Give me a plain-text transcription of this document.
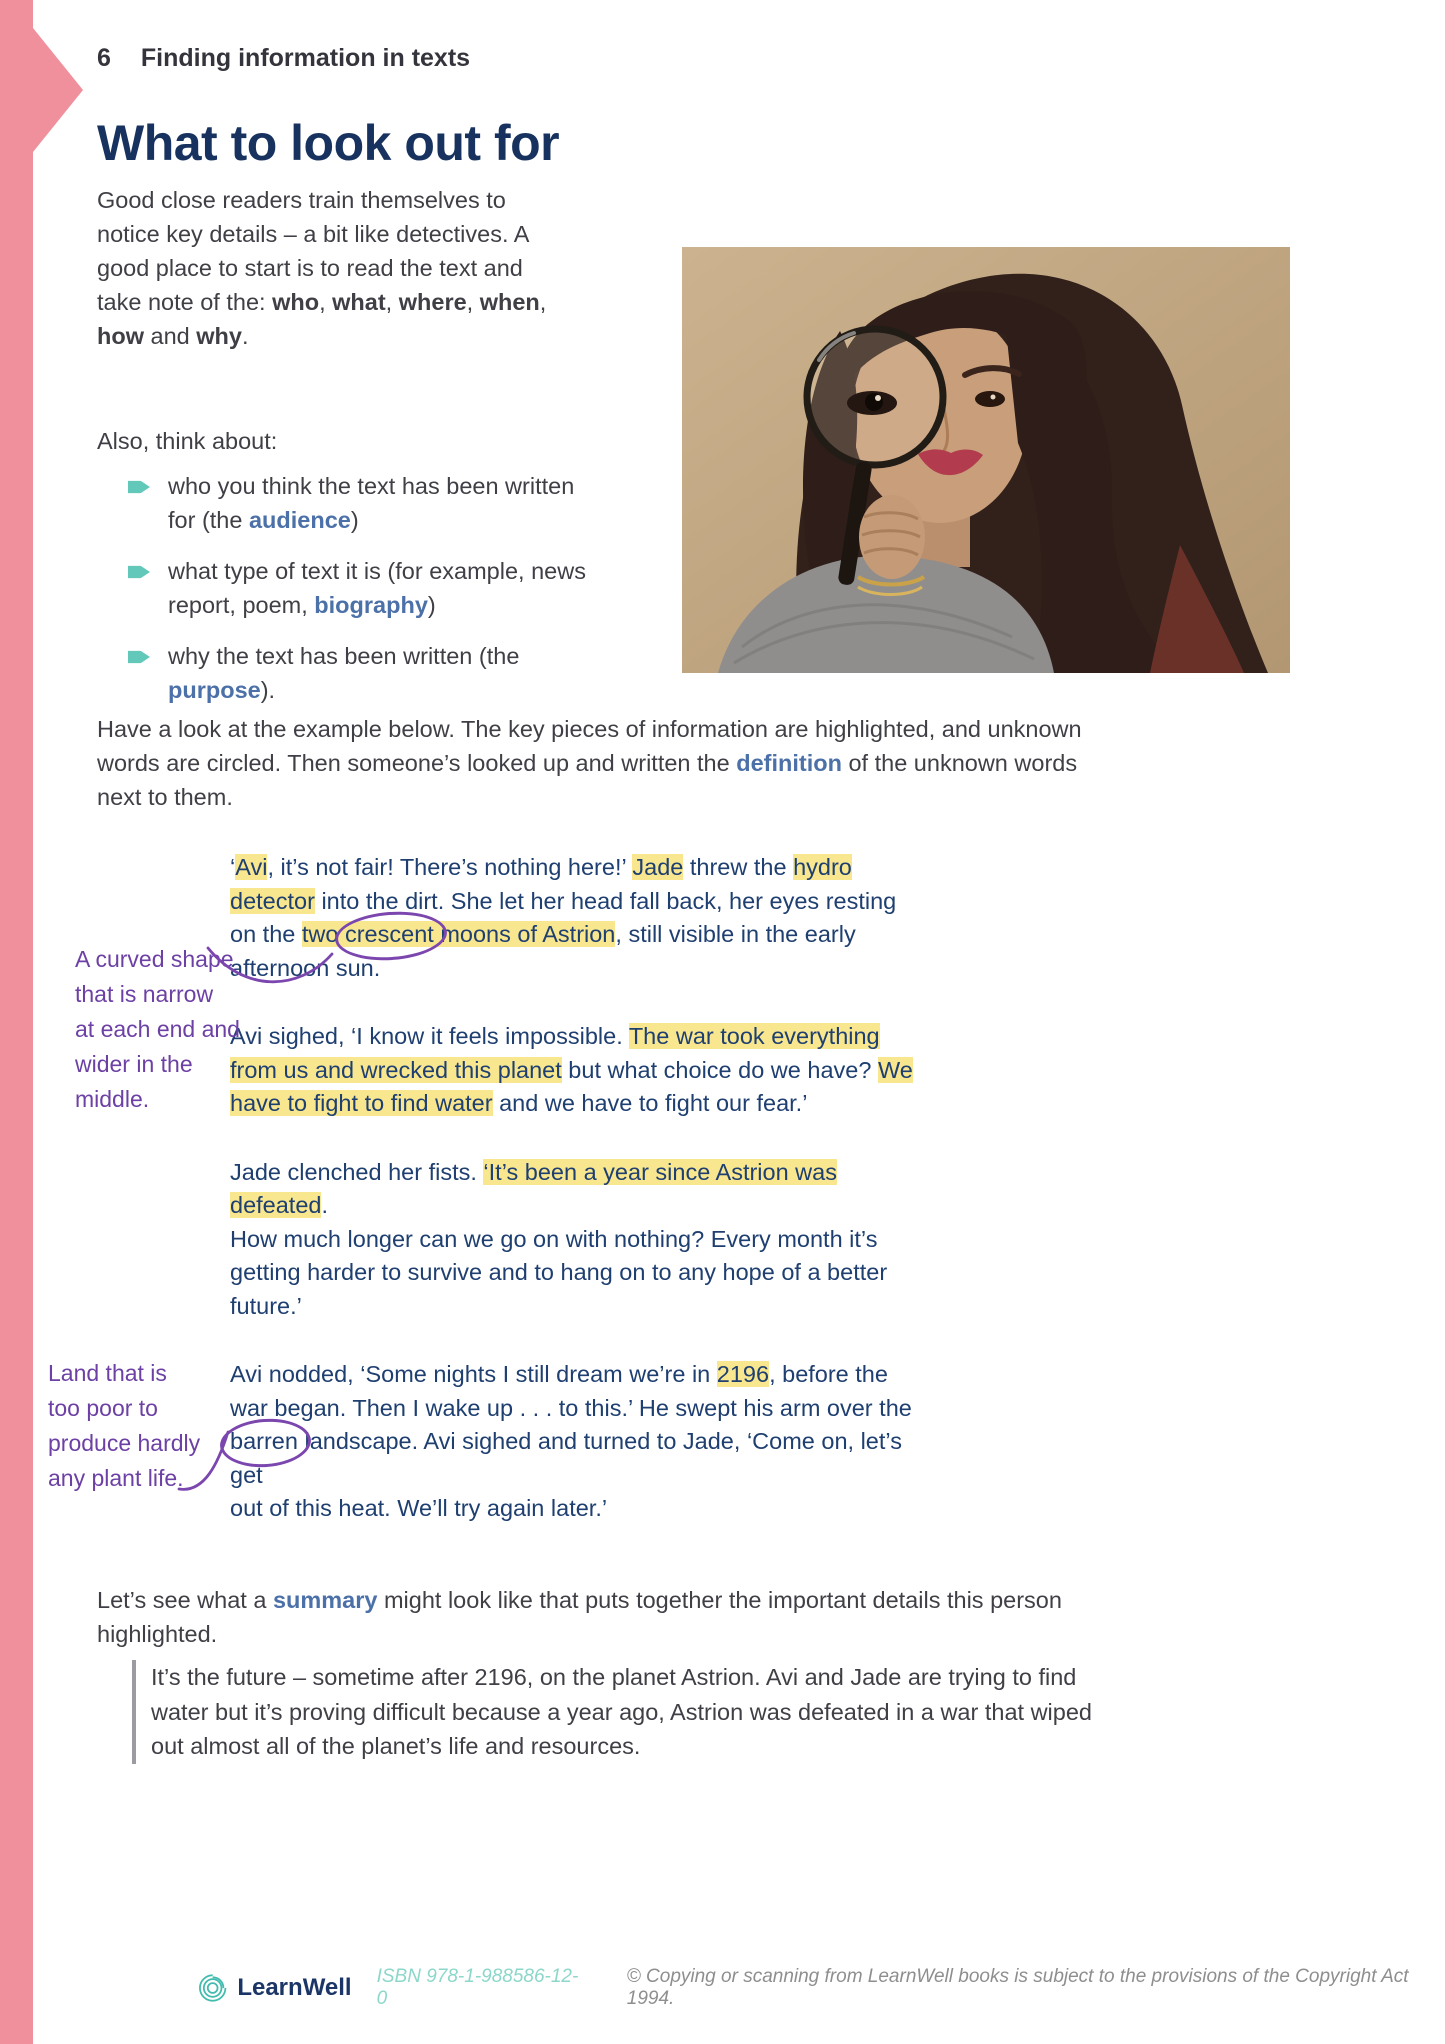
6 Finding information in texts
What to look out for
Good close readers train themselves to
notice key details – a bit like detectives. A
good place to start is to read the text and
take note of the: who, what, where, when,
how and why.
Also, think about:
who you think the text has been written
for (the audience)
what type of text it is (for example, news
report, poem, biography)
why the text has been written (the
purpose).
Have a look at the example below. The key pieces of information are highlighted, and unknown
words are circled. Then someone’s looked up and written the definition of the unknown words
next to them.

‘Avi, it’s not fair! There’s nothing here!’ Jade threw the hydro
detector into the dirt. She let her head fall back, her eyes resting
on the two crescent moons of Astrion, still visible in the early
afternoon sun.

Avi sighed, ‘I know it feels impossible. The war took everything
from us and wrecked this planet but what choice do we have? We
have to fight to find water and we have to fight our fear.’

Jade clenched her fists. ‘It’s been a year since Astrion was defeated.
How much longer can we go on with nothing? Every month it’s
getting harder to survive and to hang on to any hope of a better
future.’

Avi nodded, ‘Some nights I still dream we’re in 2196, before the
war began. Then I wake up . . . to this.’ He swept his arm over the
barren landscape. Avi sighed and turned to Jade, ‘Come on, let’s get
out of this heat. We’ll try again later.’

A curved shape
that is narrow
at each end and
wider in the
middle.
Land that is
too poor to
produce hardly
any plant life.
Let’s see what a summary might look like that puts together the important details this person
highlighted.
It’s the future – sometime after 2196, on the planet Astrion. Avi and Jade are trying to find
water but it’s proving difficult because a year ago, Astrion was defeated in a war that wiped
out almost all of the planet’s life and resources.
LearnWell ISBN 978-1-988586-12-0
© Copying or scanning from LearnWell books is subject to the provisions of the Copyright Act 1994.
